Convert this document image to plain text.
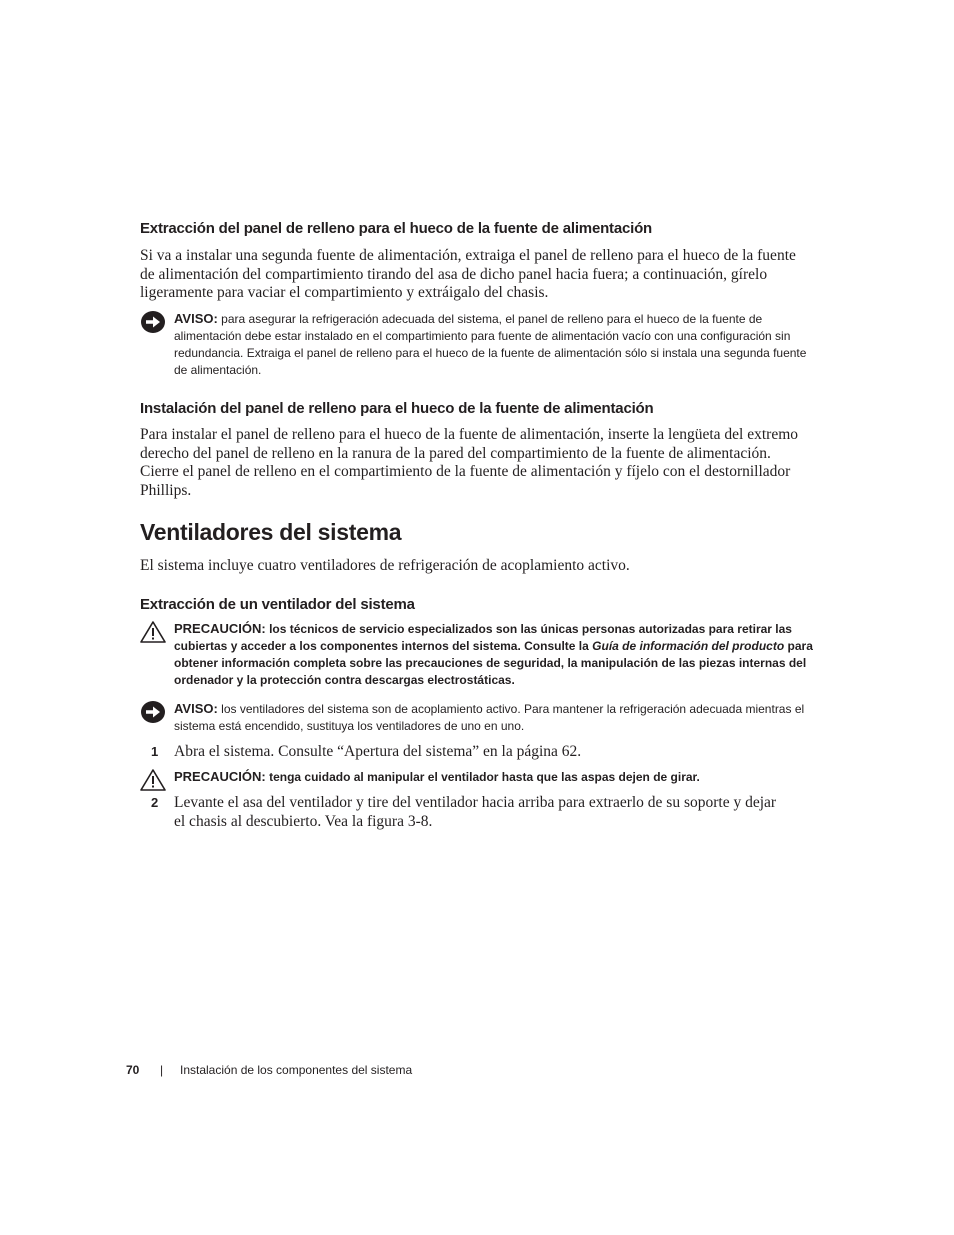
Extracción del panel de relleno para el hueco de la fuente de alimentación

Si va a instalar una segunda fuente de alimentación, extraiga el panel de relleno para el hueco de la fuente de alimentación del compartimiento tirando del asa de dicho panel hacia fuera; a continuación, gírelo ligeramente para vaciar el compartimiento y extráigalo del chasis.

AVISO: para asegurar la refrigeración adecuada del sistema, el panel de relleno para el hueco de la fuente de alimentación debe estar instalado en el compartimiento para fuente de alimentación vacío con una configuración sin redundancia. Extraiga el panel de relleno para el hueco de la fuente de alimentación sólo si instala una segunda fuente de alimentación.

Instalación del panel de relleno para el hueco de la fuente de alimentación

Para instalar el panel de relleno para el hueco de la fuente de alimentación, inserte la lengüeta del extremo derecho del panel de relleno en la ranura de la pared del compartimiento de la fuente de alimentación. Cierre el panel de relleno en el compartimiento de la fuente de alimentación y fíjelo con el destornillador Phillips.

Ventiladores del sistema

El sistema incluye cuatro ventiladores de refrigeración de acoplamiento activo.

Extracción de un ventilador del sistema

PRECAUCIÓN: los técnicos de servicio especializados son las únicas personas autorizadas para retirar las cubiertas y acceder a los componentes internos del sistema. Consulte la Guía de información del producto para obtener información completa sobre las precauciones de seguridad, la manipulación de las piezas internas del ordenador y la protección contra descargas electrostáticas.

AVISO: los ventiladores del sistema son de acoplamiento activo. Para mantener la refrigeración adecuada mientras el sistema está encendido, sustituya los ventiladores de uno en uno.

1 Abra el sistema. Consulte “Apertura del sistema” en la página 62.

PRECAUCIÓN: tenga cuidado al manipular el ventilador hasta que las aspas dejen de girar.

2 Levante el asa del ventilador y tire del ventilador hacia arriba para extraerlo de su soporte y dejar el chasis al descubierto. Vea la figura 3-8.

70 | Instalación de los componentes del sistema
